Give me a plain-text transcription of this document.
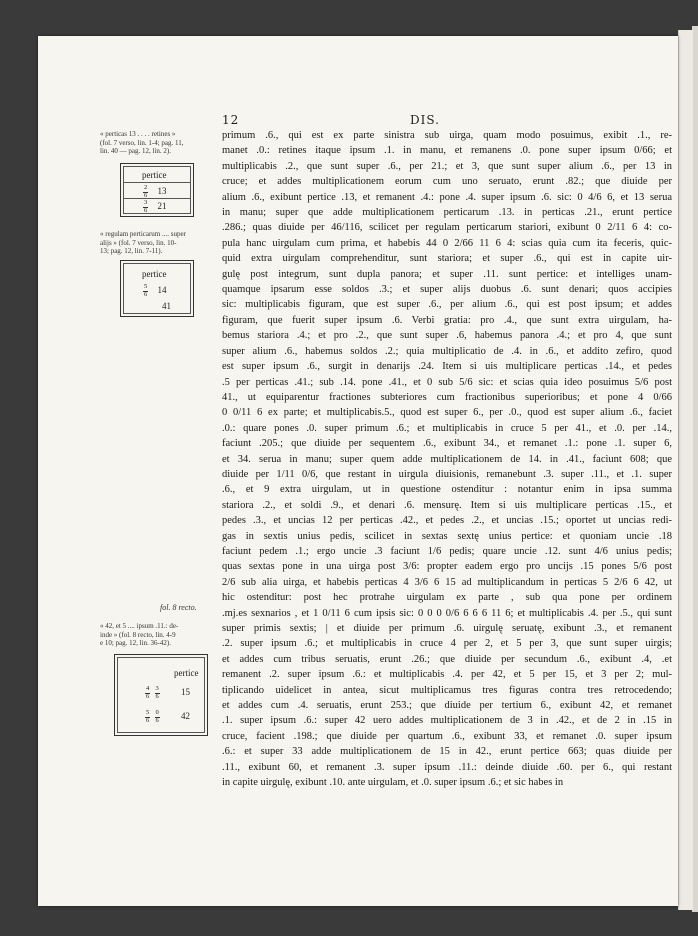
12	DIS.
« perticas 13 . . . . retines »
(fol. 7 verso, lin. 1-4; pag. 11,
lin. 40 — pag. 12, lin. 2).
pertice
$\frac{2}{6} 13$
$\frac{3}{6} 21$
« regulam perticarum .... super
alijs » (fol. 7 verso, lin. 10-
13; pag. 12, lin. 7-11).
pertice
$\frac{5}{6} 14$
41
fol. 8 recto.
« 42, et 5 .... ipsum .11.: de-
inde » (fol. 8 recto, lin. 4-9
e 10; pag. 12, lin. 36-42).
pertice
$\frac{4}{6}$
$\frac{3}{6} 15$
$\frac{5}{6}$
$\frac{0}{6} 42$

primum .6., qui est ex parte sinistra sub uirga, quam modo posuimus, exibit .1., re-

manet .0.: retines itaque ipsum .1. in manu, et remanens .0. pone super ipsum 0/66; et

multiplicabis .2., que sunt super .6., per 21.; et 3, que sunt super alium .6., per 13 in

cruce; et addes multiplicationem eorum cum uno seruato, erunt .82.; que diuide per

alium .6., exibunt pertice .13, et remanent .4.: pone .4. super ipsum .6. sic: 0 4/6 6, et 13 serua

in manu; super que adde multiplicationem perticarum .13. in perticas .21., erunt pertice

.286.; quas diuide per 46/116, scilicet per regulam perticarum stariori, exibunt 0 2/11 6 4: co-

pula hanc uirgulam cum prima, et habebis 44 0 2/66 11 6 4: scias quia cum ita feceris, quic-

quid extra uirgulam comprehenditur, sunt stariora; et super .6., qui est in capite uir-

gulę post integrum, sunt dupla panora; et super .11. sunt pertice: et intelliges unam-

quamque ipsarum esse soldos .3.; et super alijs duobus .6. sunt denari; quos accipies

sic: multiplicabis figuram, que est super .6., per alium .6., qui est post ipsum; et addes

figuram, que fuerit super ipsum .6. Verbi gratia: pro .4., que sunt extra uirgulam, ha-

bemus stariora .4.; et pro .2., que sunt super .6, habemus panora .4.; et pro 4, que sunt

super alium .6., habemus soldos .2.; quia multiplicatio de .4. in .6., et addito zefiro, quod

est super ipsum .6., surgit in denarijs .24. Item si uis multiplicare perticas .14., et pedes

.5 per perticas .41.; sub .14. pone .41., et 0 sub 5/6 sic: et scias quia ideo posuimus 5/6 post

41., ut equiparentur fractiones subteriores cum fractionibus superioribus; et pone 4 0/66

0 0/11 6 ex parte; et multiplicabis.5., quod est super 6., per .0., quod est super alium .6., faciet

.0.: quare pones .0. super primum .6.; et multiplicabis in cruce 5 per 41., et .0. per .14.,

faciunt .205.; que diuide per sequentem .6., exibunt 34., et remanet .1.: pone .1. super 6,

et 34. serua in manu; super quem adde multiplicationem de 14. in .41., faciunt 608; que

diuide per 1/11 0/6, que restant in uirgula diuisionis, remanebunt .3. super .11., et .1. super

.6., et 9 extra uirgulam, ut in questione ostenditur : notantur enim in ipsa summa

stariora .2., et soldi .9., et denari .6. mensurę. Item si uis multiplicare perticas .15., et

pedes .3., et uncias 12 per perticas .42., et pedes .2., et uncias .15.; oportet ut uncias redi-

gas in sextis unius pedis, scilicet in sextas sextę unius pertice: et quoniam uncie .18

faciunt pedem .1.; ergo uncie .3 faciunt 1/6 pedis; quare uncie .12. sunt 4/6 unius pedis;

quas sextas pone in una uirga post 3/6: propter eadem ergo pro uncijs .15 pones 5/6 post

2/6 sub alia uirga, et habebis perticas 4 3/6 6 15 ad multiplicandum in perticas 5 2/6 6 42, ut

hic ostenditur: post hec protrahe uirgulam ex parte , sub qua pone per ordinem

.mj.es sexnarios , et 1 0/11 6 cum ipsis sic: 0 0 0 0/6 6 6 6 11 6; et multiplicabis .4. per .5., qui sunt

super primis sextis; | et diuide per primum .6. uirgulę seruatę, exibunt .3., et remanent

.2. super ipsum .6.; et multiplicabis in cruce 4 per 2, et 5 per 3, que sunt super uirgis;

et addes cum tribus seruatis, erunt .26.; que diuide per secundum .6., exibunt .4, .et

remanent .2. super ipsum .6.: et multiplicabis .4. per 42, et 5 per 15, et 3 per 2; mul-

tiplicando uidelicet in antea, sicut multiplicamus tres figuras contra tres retrocedendo;

et addes cum .4. seruatis, erunt 253.; que diuide per tertium 6., exibunt 42, et remanet

.1. super ipsum .6.: super 42 uero addes multiplicationem de 3 in .42., et de 2 in .15 in

cruce, facient .198.; que diuide per quartum .6., exibunt 33, et remanet .0. super ipsum

.6.: et super 33 adde multiplicationem de 15 in 42., erunt pertice 663; quas diuide per

.11., exibunt 60, et remanent .3. super ipsum .11.: deinde diuide .60. per 6., qui restant

in capite uirgulę, exibunt .10. ante uirgulam, et .0. super ipsum .6.; et sic habes in
